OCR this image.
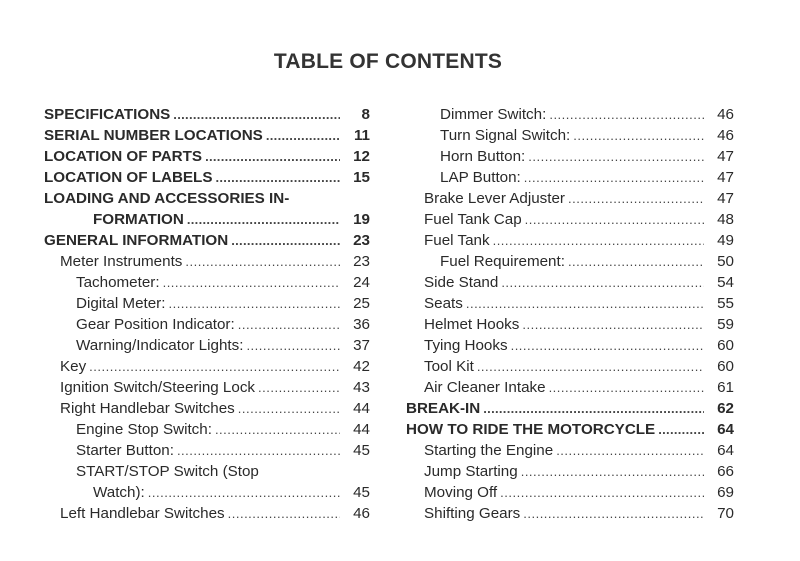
TABLE OF CONTENTS
SPECIFICATIONS .....	8
SERIAL NUMBER LOCATIONS .....	11
LOCATION OF PARTS .....	12
LOCATION OF LABELS .....	15
LOADING AND ACCESSORIES IN-
FORMATION .....	19
GENERAL INFORMATION .....	23
Meter Instruments .....	23
Tachometer: .....	24
Digital Meter: .....	25
Gear Position Indicator: .....	36
Warning/Indicator Lights: .....	37
Key .....	42
Ignition Switch/Steering Lock .....	43
Right Handlebar Switches .....	44
Engine Stop Switch: .....	44
Starter Button: .....	45
START/STOP Switch (Stop
Watch): .....	45
Left Handlebar Switches .....	46
Dimmer Switch: .....	46
Turn Signal Switch: .....	46
Horn Button: .....	47
LAP Button: .....	47
Brake Lever Adjuster .....	47
Fuel Tank Cap .....	48
Fuel Tank .....	49
Fuel Requirement: .....	50
Side Stand .....	54
Seats .....	55
Helmet Hooks .....	59
Tying Hooks .....	60
Tool Kit .....	60
Air Cleaner Intake .....	61
BREAK-IN .....	62
HOW TO RIDE THE MOTORCYCLE .....	64
Starting the Engine .....	64
Jump Starting .....	66
Moving Off .....	69
Shifting Gears .....	70
